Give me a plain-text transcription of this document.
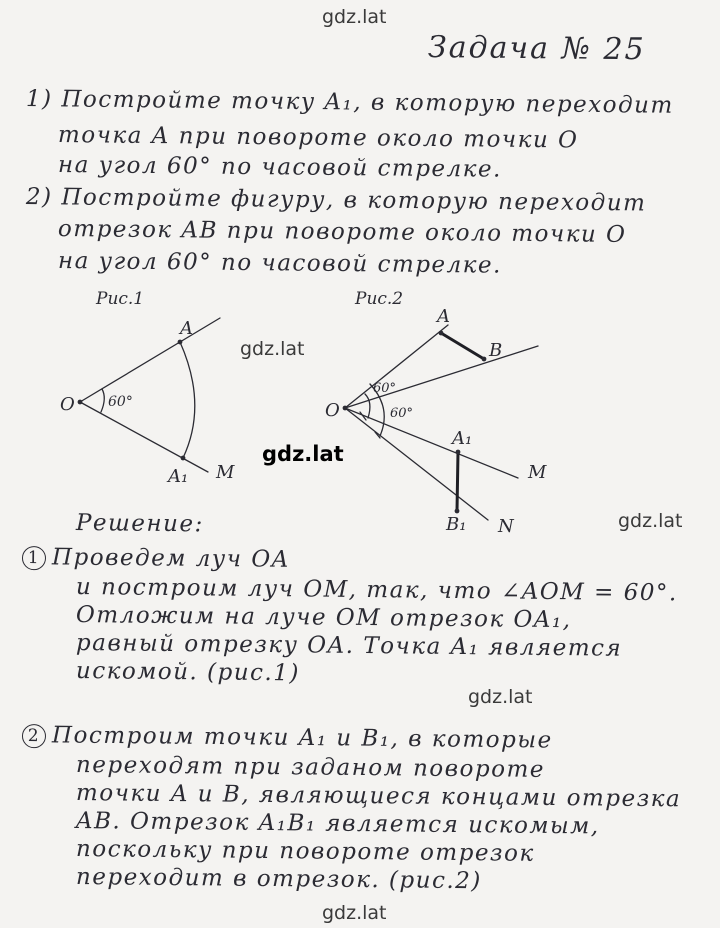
gdz.lat
gdz.lat
gdz.lat
gdz.lat
gdz.lat
gdz.lat
Задача № 25
1) Постройте точку A₁, в которую переходит
точка A при повороте около точки O
на угол 60° по часовой стрелке.
2) Постройте фигуру, в которую переходит
отрезок AB при повороте около точки O
на угол 60° по часовой стрелке.
Рис.1
O
A
A₁ M
60°
Рис.2
O
A
B
A₁
B₁
M
N
60°
60°
Решение:
1 Проведем луч OA
и построим луч OM, так, что ∠AOM = 60°.
Отложим на луче OM отрезок OA₁,
равный отрезку OA. Точка A₁ является
искомой. (рис.1)
2 Построим точки A₁ и B₁, в которые
переходят при заданом повороте
точки A и B, являющиеся концами отрезка
AB. Отрезок A₁B₁ является искомым,
поскольку при повороте отрезок
переходит в отрезок. (рис.2)
